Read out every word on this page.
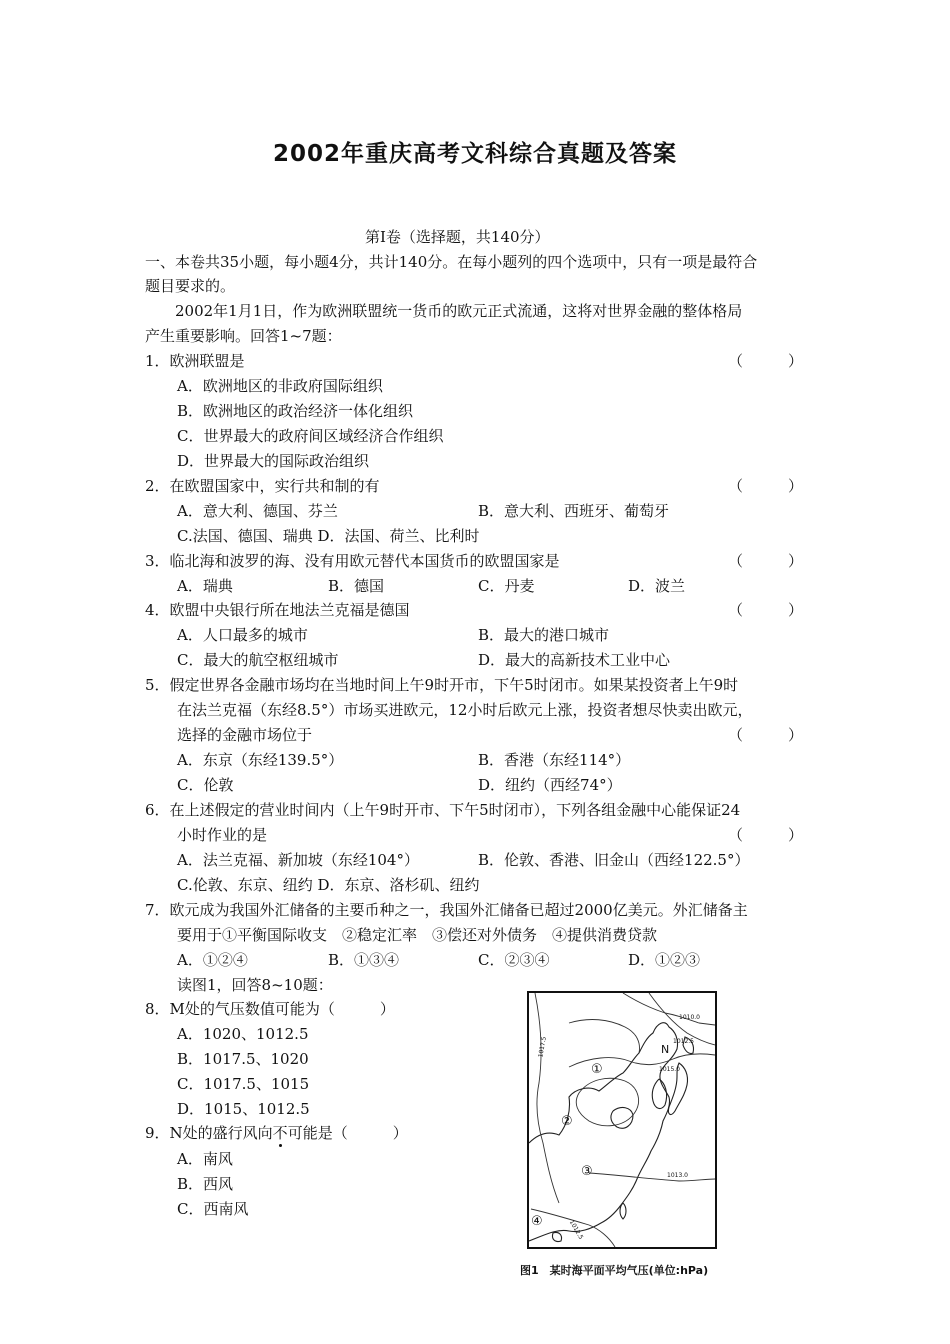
2002年重庆高考文科综合真题及答案
第Ⅰ卷（选择题，共140分）
一、本卷共35小题，每小题4分，共计140分。在每小题列的四个选项中，只有一项是最符合
题目要求的。
2002年1月1日，作为欧洲联盟统一货币的欧元正式流通，这将对世界金融的整体格局
产生重要影响。回答1~7题：
1．欧洲联盟是	（　　　）
A．欧洲地区的非政府国际组织
B．欧洲地区的政治经济一体化组织
C．世界最大的政府间区域经济合作组织
D．世界最大的国际政治组织
2．在欧盟国家中，实行共和制的有	（　　　）
A．意大利、德国、芬兰	B．意大利、西班牙、葡萄牙
C.法国、德国、瑞典 D．法国、荷兰、比利时
3．临北海和波罗的海、没有用欧元替代本国货币的欧盟国家是	（　　　）
A．瑞典	B．德国	C．丹麦	D．波兰
4．欧盟中央银行所在地法兰克福是德国	（　　　）
A．人口最多的城市	B．最大的港口城市
C．最大的航空枢纽城市	D．最大的高新技术工业中心
5．假定世界各金融市场均在当地时间上午9时开市，下午5时闭市。如果某投资者上午9时
在法兰克福（东经8.5°）市场买进欧元，12小时后欧元上涨，投资者想尽快卖出欧元，
选择的金融市场位于	（　　　）
A．东京（东经139.5°）	B．香港（东经114°）
C．伦敦	D．纽约（西经74°）
6．在上述假定的营业时间内（上午9时开市、下午5时闭市），下列各组金融中心能保证24
小时作业的是	（　　　）
A．法兰克福、新加坡（东经104°）	B．伦敦、香港、旧金山（西经122.5°）
C.伦敦、东京、纽约 D．东京、洛杉矶、纽约
7．欧元成为我国外汇储备的主要币种之一，我国外汇储备已超过2000亿美元。外汇储备主
要用于①平衡国际收支　②稳定汇率　③偿还对外债务　④提供消费贷款
A．①②④	B．①③④	C．②③④	D．①②③
读图1，回答8~10题：
8．M处的气压数值可能为（　　　）
A．1020、1012.5
B．1017.5、1020
C．1017.5、1015
D．1015、1012.5
9．N处的盛行风向不可能是（　　　）
A．南风
B．西风
C．西南风
N
①
②
③
④
1010.0
1012.5
1015.0
1017.5
1013.0
1012.5
图1　某时海平面平均气压(单位:hPa)
